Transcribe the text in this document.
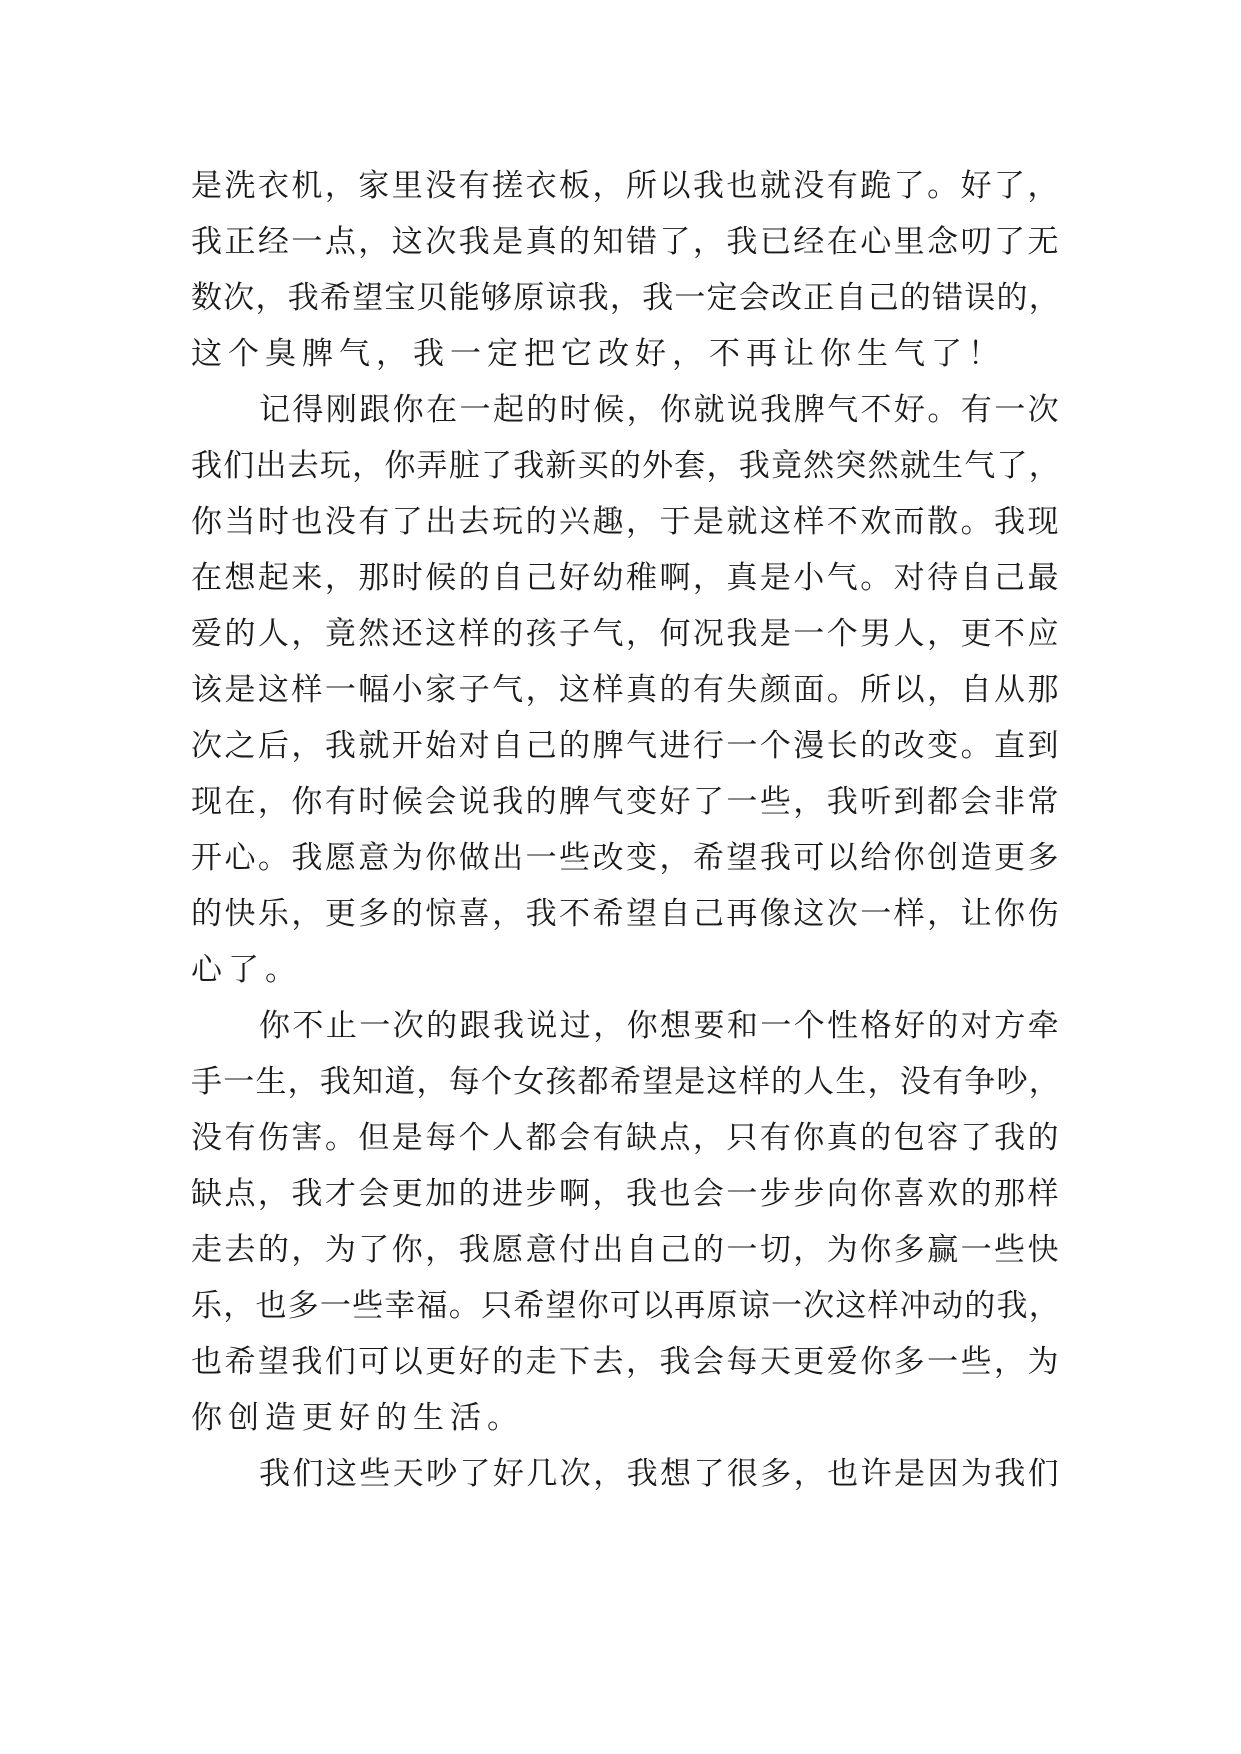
是洗衣机，家里没有搓衣板，所以我也就没有跪了。好了，
我正经一点，这次我是真的知错了，我已经在心里念叨了无
数次，我希望宝贝能够原谅我，我一定会改正自己的错误的，
这个臭脾气，我一定把它改好，不再让你生气了！

记得刚跟你在一起的时候，你就说我脾气不好。有一次
我们出去玩，你弄脏了我新买的外套，我竟然突然就生气了，
你当时也没有了出去玩的兴趣，于是就这样不欢而散。我现
在想起来，那时候的自己好幼稚啊，真是小气。对待自己最
爱的人，竟然还这样的孩子气，何况我是一个男人，更不应
该是这样一幅小家子气，这样真的有失颜面。所以，自从那
次之后，我就开始对自己的脾气进行一个漫长的改变。直到
现在，你有时候会说我的脾气变好了一些，我听到都会非常
开心。我愿意为你做出一些改变，希望我可以给你创造更多
的快乐，更多的惊喜，我不希望自己再像这次一样，让你伤
心了。

你不止一次的跟我说过，你想要和一个性格好的对方牵
手一生，我知道，每个女孩都希望是这样的人生，没有争吵，
没有伤害。但是每个人都会有缺点，只有你真的包容了我的
缺点，我才会更加的进步啊，我也会一步步向你喜欢的那样
走去的，为了你，我愿意付出自己的一切，为你多赢一些快
乐，也多一些幸福。只希望你可以再原谅一次这样冲动的我，
也希望我们可以更好的走下去，我会每天更爱你多一些，为
你创造更好的生活。

我们这些天吵了好几次，我想了很多，也许是因为我们
